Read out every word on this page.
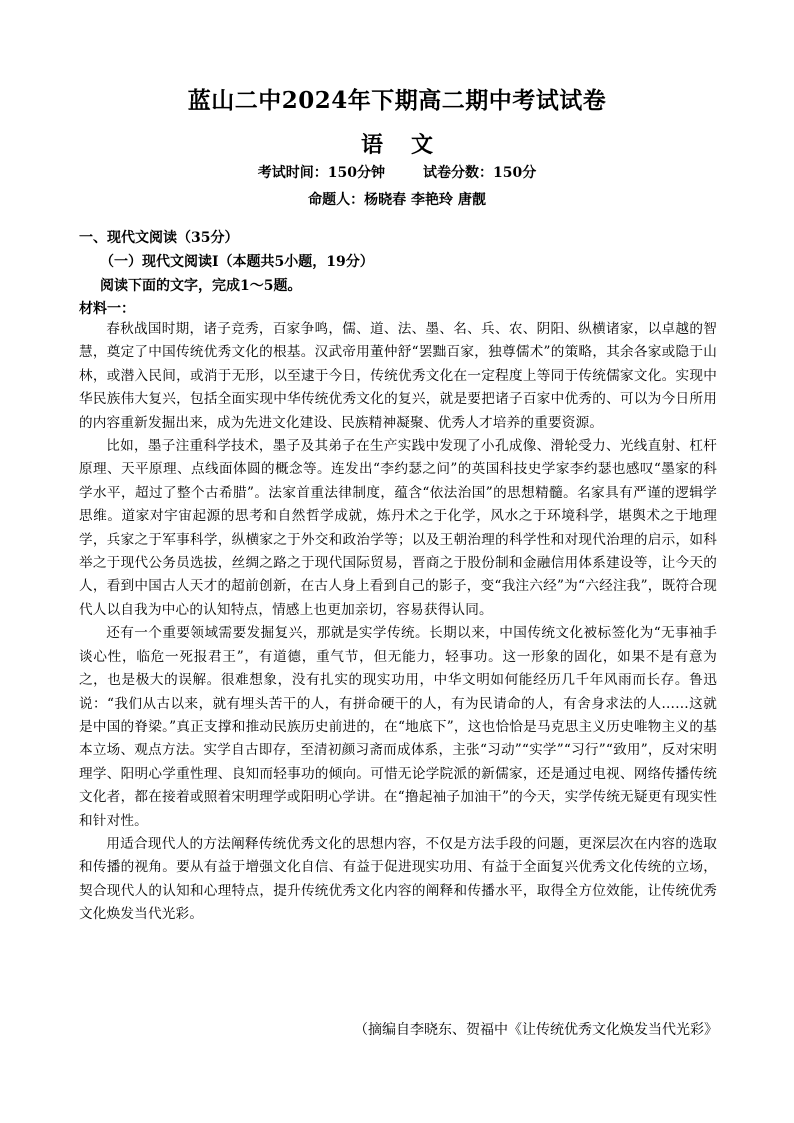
蓝山二中2024年下期高二期中考试试卷
语文
考试时间：150分钟	试卷分数：150分
命题人：杨晓春 李艳玲 唐靓
一、现代文阅读（35分）
（一）现代文阅读Ⅰ（本题共5小题，19分）
阅读下面的文字，完成1～5题。
材料一：

春秋战国时期，诸子竞秀，百家争鸣，儒、道、法、墨、名、兵、农、阴阳、纵横诸家，以卓越的智慧，奠定了中国传统优秀文化的根基。汉武帝用董仲舒“罢黜百家，独尊儒术”的策略，其余各家或隐于山林，或潜入民间，或消于无形，以至逮于今日，传统优秀文化在一定程度上等同于传统儒家文化。实现中华民族伟大复兴，包括全面实现中华传统优秀文化的复兴，就是要把诸子百家中优秀的、可以为今日所用的内容重新发掘出来，成为先进文化建设、民族精神凝聚、优秀人才培养的重要资源。

比如，墨子注重科学技术，墨子及其弟子在生产实践中发现了小孔成像、滑轮受力、光线直射、杠杆原理、天平原理、点线面体圆的概念等。连发出“李约瑟之问”的英国科技史学家李约瑟也感叹“墨家的科学水平，超过了整个古希腊”。法家首重法律制度，蕴含“依法治国”的思想精髓。名家具有严谨的逻辑学思维。道家对宇宙起源的思考和自然哲学成就，炼丹术之于化学，风水之于环境科学，堪舆术之于地理学，兵家之于军事科学，纵横家之于外交和政治学等；以及王朝治理的科学性和对现代治理的启示，如科举之于现代公务员选拔，丝绸之路之于现代国际贸易，晋商之于股份制和金融信用体系建设等，让今天的人，看到中国古人天才的超前创新，在古人身上看到自己的影子，变“我注六经”为“六经注我”，既符合现代人以自我为中心的认知特点，情感上也更加亲切，容易获得认同。

还有一个重要领域需要发掘复兴，那就是实学传统。长期以来，中国传统文化被标签化为“无事袖手谈心性，临危一死报君王”，有道德，重气节，但无能力，轻事功。这一形象的固化，如果不是有意为之，也是极大的误解。很难想象，没有扎实的现实功用，中华文明如何能经历几千年风雨而长存。鲁迅说：“我们从古以来，就有埋头苦干的人，有拼命硬干的人，有为民请命的人，有舍身求法的人……这就是中国的脊梁。”真正支撑和推动民族历史前进的，在“地底下”，这也恰恰是马克思主义历史唯物主义的基本立场、观点方法。实学自古即存，至清初颜习斋而成体系，主张“习动”“实学”“习行”“致用”，反对宋明理学、阳明心学重性理、良知而轻事功的倾向。可惜无论学院派的新儒家，还是通过电视、网络传播传统文化者，都在接着或照着宋明理学或阳明心学讲。在“撸起袖子加油干”的今天，实学传统无疑更有现实性和针对性。

用适合现代人的方法阐释传统优秀文化的思想内容，不仅是方法手段的问题，更深层次在内容的选取和传播的视角。要从有益于增强文化自信、有益于促进现实功用、有益于全面复兴优秀文化传统的立场，契合现代人的认知和心理特点，提升传统优秀文化内容的阐释和传播水平，取得全方位效能，让传统优秀文化焕发当代光彩。

（摘编自李晓东、贺福中《让传统优秀文化焕发当代光彩》
